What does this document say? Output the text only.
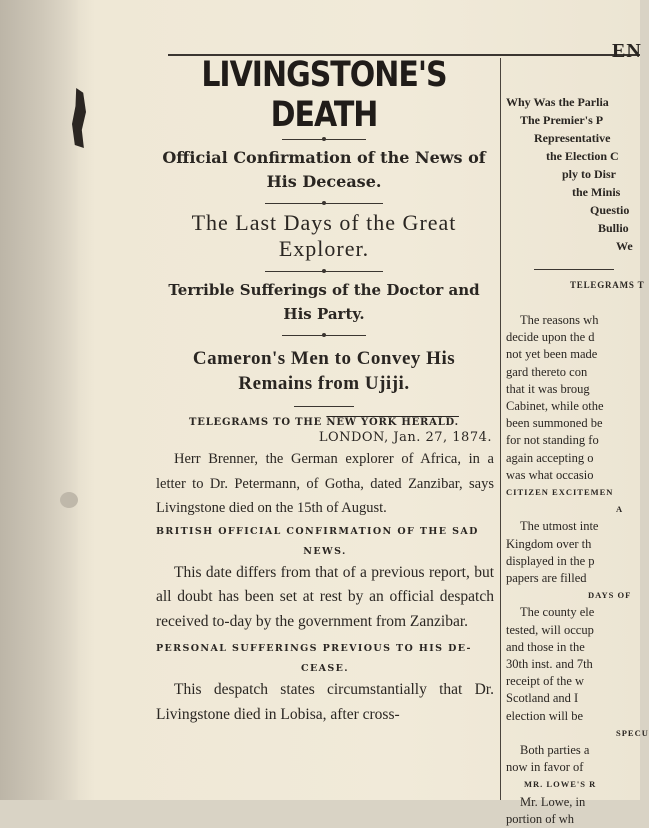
LIVINGSTONE'S DEATH
Official Confirmation of the News of His Decease.
The Last Days of the Great Explorer.
Terrible Sufferings of the Doctor and His Party.
Cameron's Men to Convey His Remains from Ujiji.
TELEGRAMS TO THE NEW YORK HERALD.
LONDON, Jan. 27, 1874.

Herr Brenner, the German explorer of Africa, in a letter to Dr. Petermann, of Gotha, dated Zanzibar, says Livingstone died on the 15th of August.

BRITISH OFFICIAL CONFIRMATION OF THE SAD
NEWS.

This date differs from that of a previous report, but all doubt has been set at rest by an official despatch received to-day by the government from Zanzibar.

PERSONAL SUFFERINGS PREVIOUS TO HIS DE-
CEASE.

This despatch states circumstantially that Dr. Livingstone died in Lobisa, after cross-

EN
Why Was the Parlia
The Premier's P
Representative
the Election C
ply to Disr
the Minis
Questio
Bullio
We
TELEGRAMS T
The reasons wh
decide upon the d
not yet been made
gard thereto con
that it was broug
Cabinet, while othe
been summoned be
for not standing fo
again accepting o
was what occasio
CITIZEN EXCITEMEN
A
The utmost inte
Kingdom over th
displayed in the p
papers are filled
DAYS OF
The county ele
tested, will occup
and those in the
30th inst. and 7th
receipt of the w
Scotland and I
election will be
SPECU
Both parties a
now in favor of
MR. LOWE'S R
Mr. Lowe, in
portion of wh
